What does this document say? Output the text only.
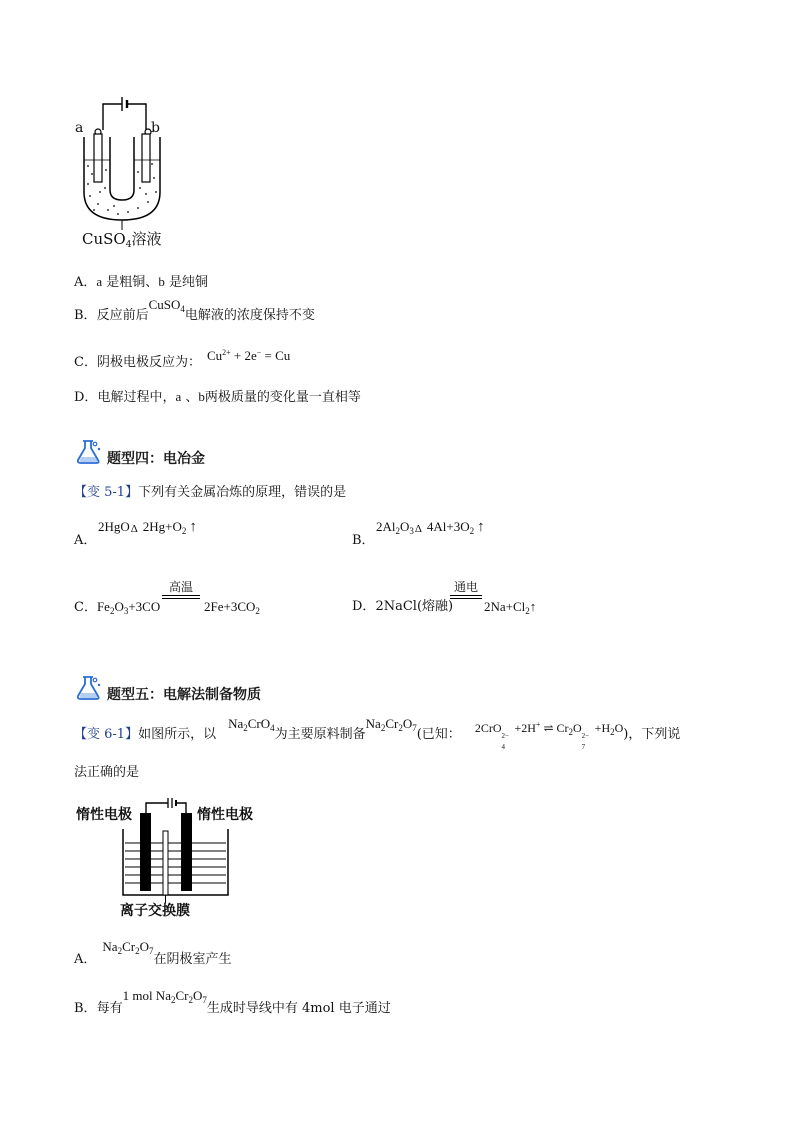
a	b
CuSO$_4$溶液
A．a 是粗铜、b 是纯铜
B．反应前后CuSO$_4$电解液的浓度保持不变
C．阴极电极反应为： $Cu^{2+} + 2e^- = Cu$
D．电解过程中，a 、b两极质量的变化量一直相等
题型四：电冶金
【变 5-1】下列有关金属冶炼的原理，错误的是
A．
2HgO Δ $2Hg+O_2$ ↑
B．
$2Al_2O_3$ Δ $4Al+3O_2$ ↑
C．$Fe_2O_3+3CO$
高温
$2Fe+3CO_2$	D．2NaCl(熔融)
通电
$2Na+Cl_2↑$
题型五：电解法制备物质
【变 6-1】如图所示，以$Na_2CrO_4$为主要原料制备$Na_2Cr_2O_7$(已知： 2CrO
2−
4
+2H+ ⇌ $Cr_2O$
2−
7
$+H_2O$)，下列说
法正确的是
惰性电极	惰性电极
离子交换膜
A．$Na_2Cr_2O_7$在阴极室产生
B．每有1 mol $Na_2Cr_2O_7$生成时导线中有 4mol 电子通过
